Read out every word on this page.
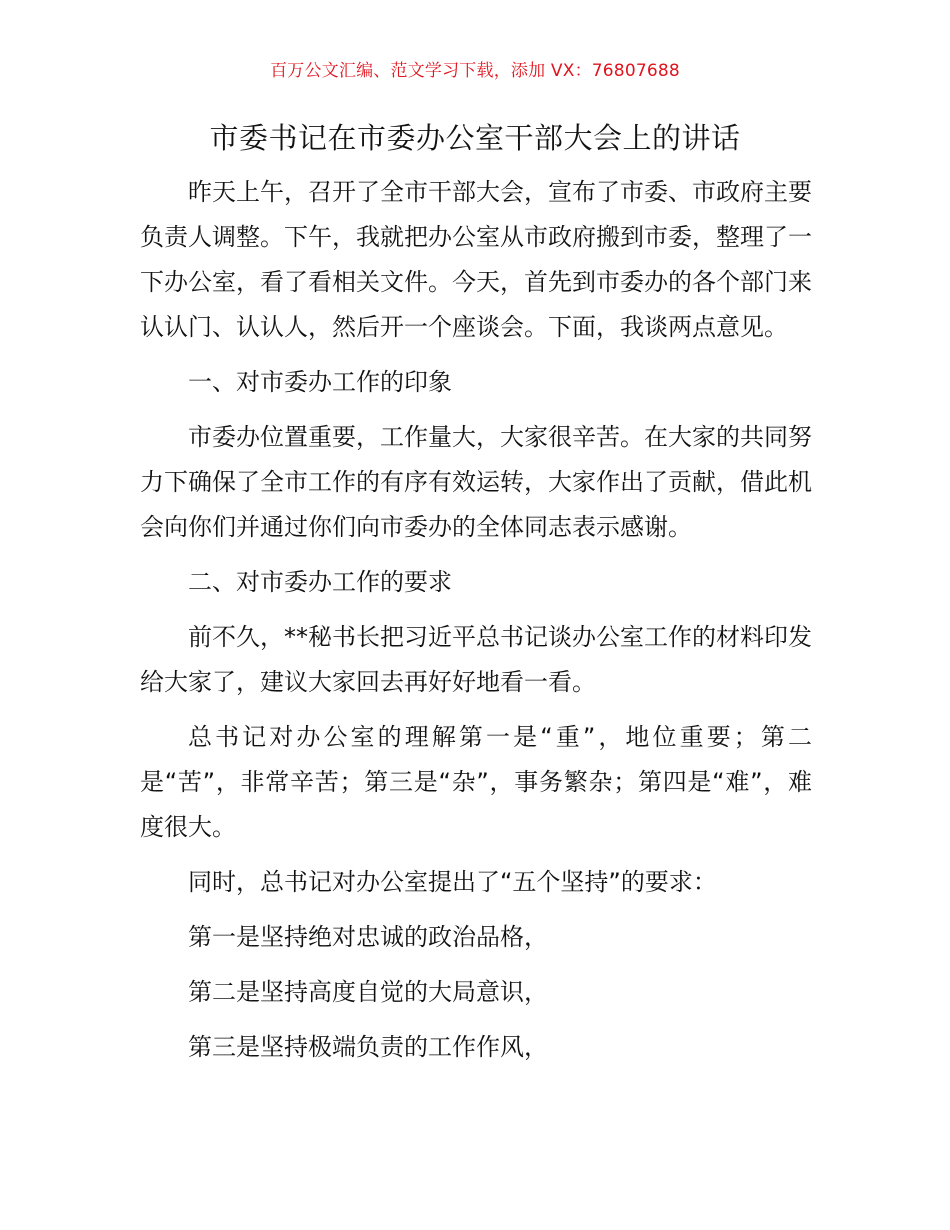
百万公文汇编、范文学习下载，添加 VX：76807688
市委书记在市委办公室干部大会上的讲话

昨天上午，召开了全市干部大会，宣布了市委、市政府主要负责人调整。下午，我就把办公室从市政府搬到市委，整理了一下办公室，看了看相关文件。今天，首先到市委办的各个部门来认认门、认认人，然后开一个座谈会。下面，我谈两点意见。

一、对市委办工作的印象

市委办位置重要，工作量大，大家很辛苦。在大家的共同努力下确保了全市工作的有序有效运转，大家作出了贡献，借此机会向你们并通过你们向市委办的全体同志表示感谢。

二、对市委办工作的要求

前不久，**秘书长把习近平总书记谈办公室工作的材料印发给大家了，建议大家回去再好好地看一看。

总书记对办公室的理解第一是“重”，地位重要；第二是“苦”，非常辛苦；第三是“杂”，事务繁杂；第四是“难”，难度很大。

同时，总书记对办公室提出了“五个坚持”的要求：

第一是坚持绝对忠诚的政治品格，

第二是坚持高度自觉的大局意识，

第三是坚持极端负责的工作作风，
